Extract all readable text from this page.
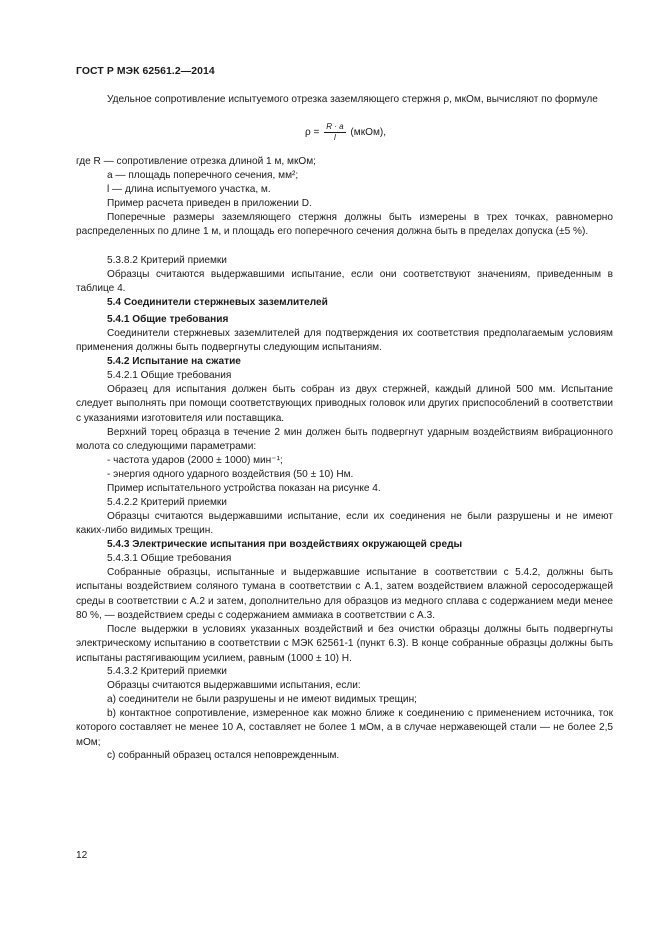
ГОСТ Р МЭК 62561.2—2014
Удельное сопротивление испытуемого отрезка заземляющего стержня ρ, мкОм, вычисляют по формуле
$\rho = \frac{R \cdot a}{l}$ (мкОм),
где R — сопротивление отрезка длиной 1 м, мкОм;
a — площадь поперечного сечения, мм²;
l — длина испытуемого участка, м.
Пример расчета приведен в приложении D.
Поперечные размеры заземляющего стержня должны быть измерены в трех точках, равномерно распределенных по длине 1 м, и площадь его поперечного сечения должна быть в пределах допуска (±5 %).
5.3.8.2 Критерий приемки
Образцы считаются выдержавшими испытание, если они соответствуют значениям, приведенным в таблице 4.
5.4 Соединители стержневых заземлителей
5.4.1 Общие требования
Соединители стержневых заземлителей для подтверждения их соответствия предполагаемым условиям применения должны быть подвергнуты следующим испытаниям.
5.4.2 Испытание на сжатие
5.4.2.1 Общие требования
Образец для испытания должен быть собран из двух стержней, каждый длиной 500 мм. Испытание следует выполнять при помощи соответствующих приводных головок или других приспособлений в соответствии с указаниями изготовителя или поставщика.
Верхний торец образца в течение 2 мин должен быть подвергнут ударным воздействиям вибрационного молота со следующими параметрами:
- частота ударов (2000 ± 1000) мин⁻¹;
- энергия одного ударного воздействия (50 ± 10) Нм.
Пример испытательного устройства показан на рисунке 4.
5.4.2.2 Критерий приемки
Образцы считаются выдержавшими испытание, если их соединения не были разрушены и не имеют каких-либо видимых трещин.
5.4.3 Электрические испытания при воздействиях окружающей среды
5.4.3.1 Общие требования
Собранные образцы, испытанные и выдержавшие испытание в соответствии с 5.4.2, должны быть испытаны воздействием соляного тумана в соответствии с А.1, затем воздействием влажной серосодержащей среды в соответствии с А.2 и затем, дополнительно для образцов из медного сплава с содержанием меди менее 80 %, — воздействием среды с содержанием аммиака в соответствии с А.3.
После выдержки в условиях указанных воздействий и без очистки образцы должны быть подвергнуты электрическому испытанию в соответствии с МЭК 62561-1 (пункт 6.3). В конце собранные образцы должны быть испытаны растягивающим усилием, равным (1000 ± 10) Н.
5.4.3.2 Критерий приемки
Образцы считаются выдержавшими испытания, если:
a) соединители не были разрушены и не имеют видимых трещин;
b) контактное сопротивление, измеренное как можно ближе к соединению с применением источника, ток которого составляет не менее 10 А, составляет не более 1 мОм, а в случае нержавеющей стали — не более 2,5 мОм;
c) собранный образец остался неповрежденным.
12
